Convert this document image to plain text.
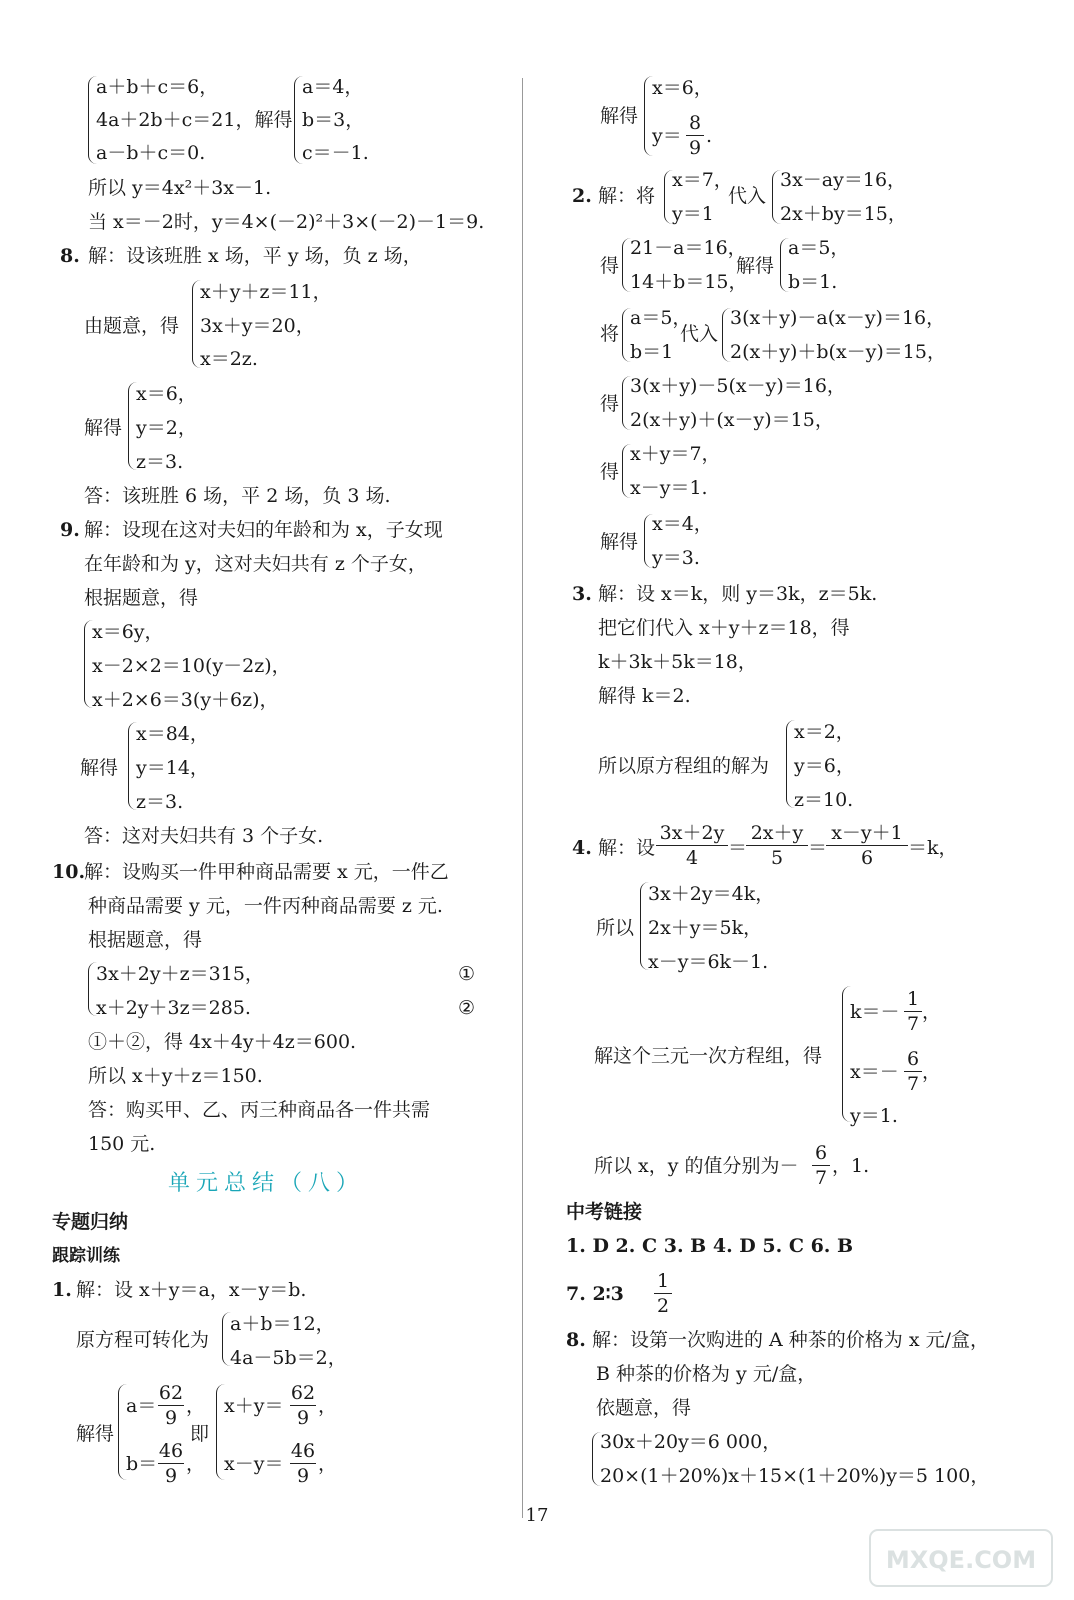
a＋b＋c＝6，
4a＋2b＋c＝21，解得
a－b＋c＝0.
a＝4，
b＝3，
c＝－1.
所以 y＝4x²＋3x－1.
当 x＝－2时，y＝4×(－2)²＋3×(－2)－1＝9.
8. 解：设该班胜 x 场，平 y 场，负 z 场，
由题意，得
x＋y＋z＝11，
3x＋y＝20，
x＝2z.
解得
x＝6，
y＝2，
z＝3.
答：该班胜 6 场，平 2 场，负 3 场.
9. 解：设现在这对夫妇的年龄和为 x，子女现
在年龄和为 y，这对夫妇共有 z 个子女，
根据题意，得
x＝6y，
x－2×2＝10(y－2z)，
x＋2×6＝3(y＋6z)，
解得
x＝84，
y＝14，
z＝3.
答：这对夫妇共有 3 个子女.
10.
解：设购买一件甲种商品需要 x 元，一件乙
种商品需要 y 元，一件丙种商品需要 z 元.
根据题意，得
3x＋2y＋z＝315，	①
x＋2y＋3z＝285.	②
①＋②，得 4x＋4y＋4z＝600.
所以 x＋y＋z＝150.
答：购买甲、乙、丙三种商品各一件共需
150 元.
单元总结（八）
专题归纳
跟踪训练
1. 解：设 x＋y＝a，x－y＝b.
原方程可转化为
a＋b＝12，
4a－5b＝2，
解得
a＝
62
9
，
b＝
46
9
，
即
x＋y＝
62
9
，
x－y＝
46
9
，
解得
x＝6，
y＝
8
9
.
2. 解：将
x＝7，
y＝1
代入
3x－ay＝16，
2x＋by＝15，
得
21－a＝16，
14＋b＝15，
解得
a＝5，
b＝1.
将
a＝5，
b＝1
代入
3(x＋y)－a(x－y)＝16，
2(x＋y)＋b(x－y)＝15，
得
3(x＋y)－5(x－y)＝16，
2(x＋y)＋(x－y)＝15，
得
x＋y＝7，
x－y＝1.
解得
x＝4，
y＝3.
3. 解：设 x＝k，则 y＝3k，z＝5k.
把它们代入 x＋y＋z＝18，得
k＋3k＋5k＝18，
解得 k＝2.
所以原方程组的解为
x＝2，
y＝6，
z＝10.
4. 解：设
3x＋2y
4	＝
2x＋y
5	＝
x－y＋1
6	＝k，
所以
3x＋2y＝4k，
2x＋y＝5k，
x－y＝6k－1.
解这个三元一次方程组，得
k＝－
1
7
，
x＝－
6
7
，
y＝1.
所以 x，y 的值分别为－
6
7
，1.
中考链接
1. D 2. C 3. B 4. D 5. C 6. B
7. 2∶3
1
2
8. 解：设第一次购进的 A 种茶的价格为 x 元/盒，
B 种茶的价格为 y 元/盒，
依题意，得
30x＋20y＝6 000，
20×(1＋20%)x＋15×(1＋20%)y＝5 100，
17
MXQE.COM
